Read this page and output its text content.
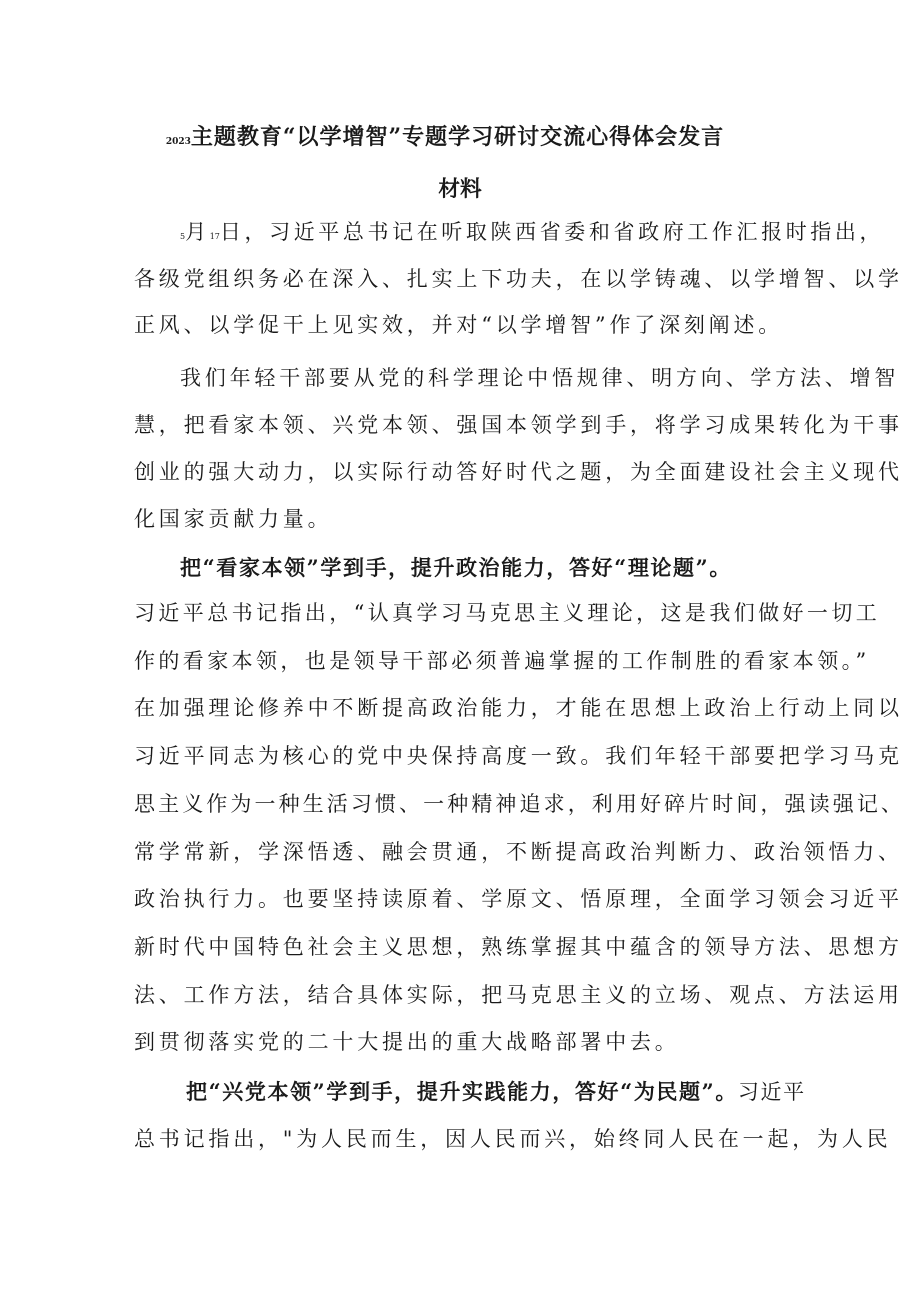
2023主题教育“以学增智”专题学习研讨交流心得体会发言
材料
5月17日，习近平总书记在听取陕西省委和省政府工作汇报时指出，
各级党组织务必在深入、扎实上下功夫，在以学铸魂、以学增智、以学
正风、以学促干上见实效，并对“以学增智”作了深刻阐述。
我们年轻干部要从党的科学理论中悟规律、明方向、学方法、增智
慧，把看家本领、兴党本领、强国本领学到手，将学习成果转化为干事
创业的强大动力，以实际行动答好时代之题，为全面建设社会主义现代
化国家贡献力量。
把“看家本领”学到手，提升政治能力，答好“理论题”。
习近平总书记指出，“认真学习马克思主义理论，这是我们做好一切工
作的看家本领，也是领导干部必须普遍掌握的工作制胜的看家本领。”
在加强理论修养中不断提高政治能力，才能在思想上政治上行动上同以
习近平同志为核心的党中央保持高度一致。我们年轻干部要把学习马克
思主义作为一种生活习惯、一种精神追求，利用好碎片时间，强读强记、
常学常新，学深悟透、融会贯通，不断提高政治判断力、政治领悟力、
政治执行力。也要坚持读原着、学原文、悟原理，全面学习领会习近平
新时代中国特色社会主义思想，熟练掌握其中蕴含的领导方法、思想方
法、工作方法，结合具体实际，把马克思主义的立场、观点、方法运用
到贯彻落实党的二十大提出的重大战略部署中去。
把“兴党本领”学到手，提升实践能力，答好“为民题”。习近平
总书记指出，"为人民而生，因人民而兴，始终同人民在一起，为人民
